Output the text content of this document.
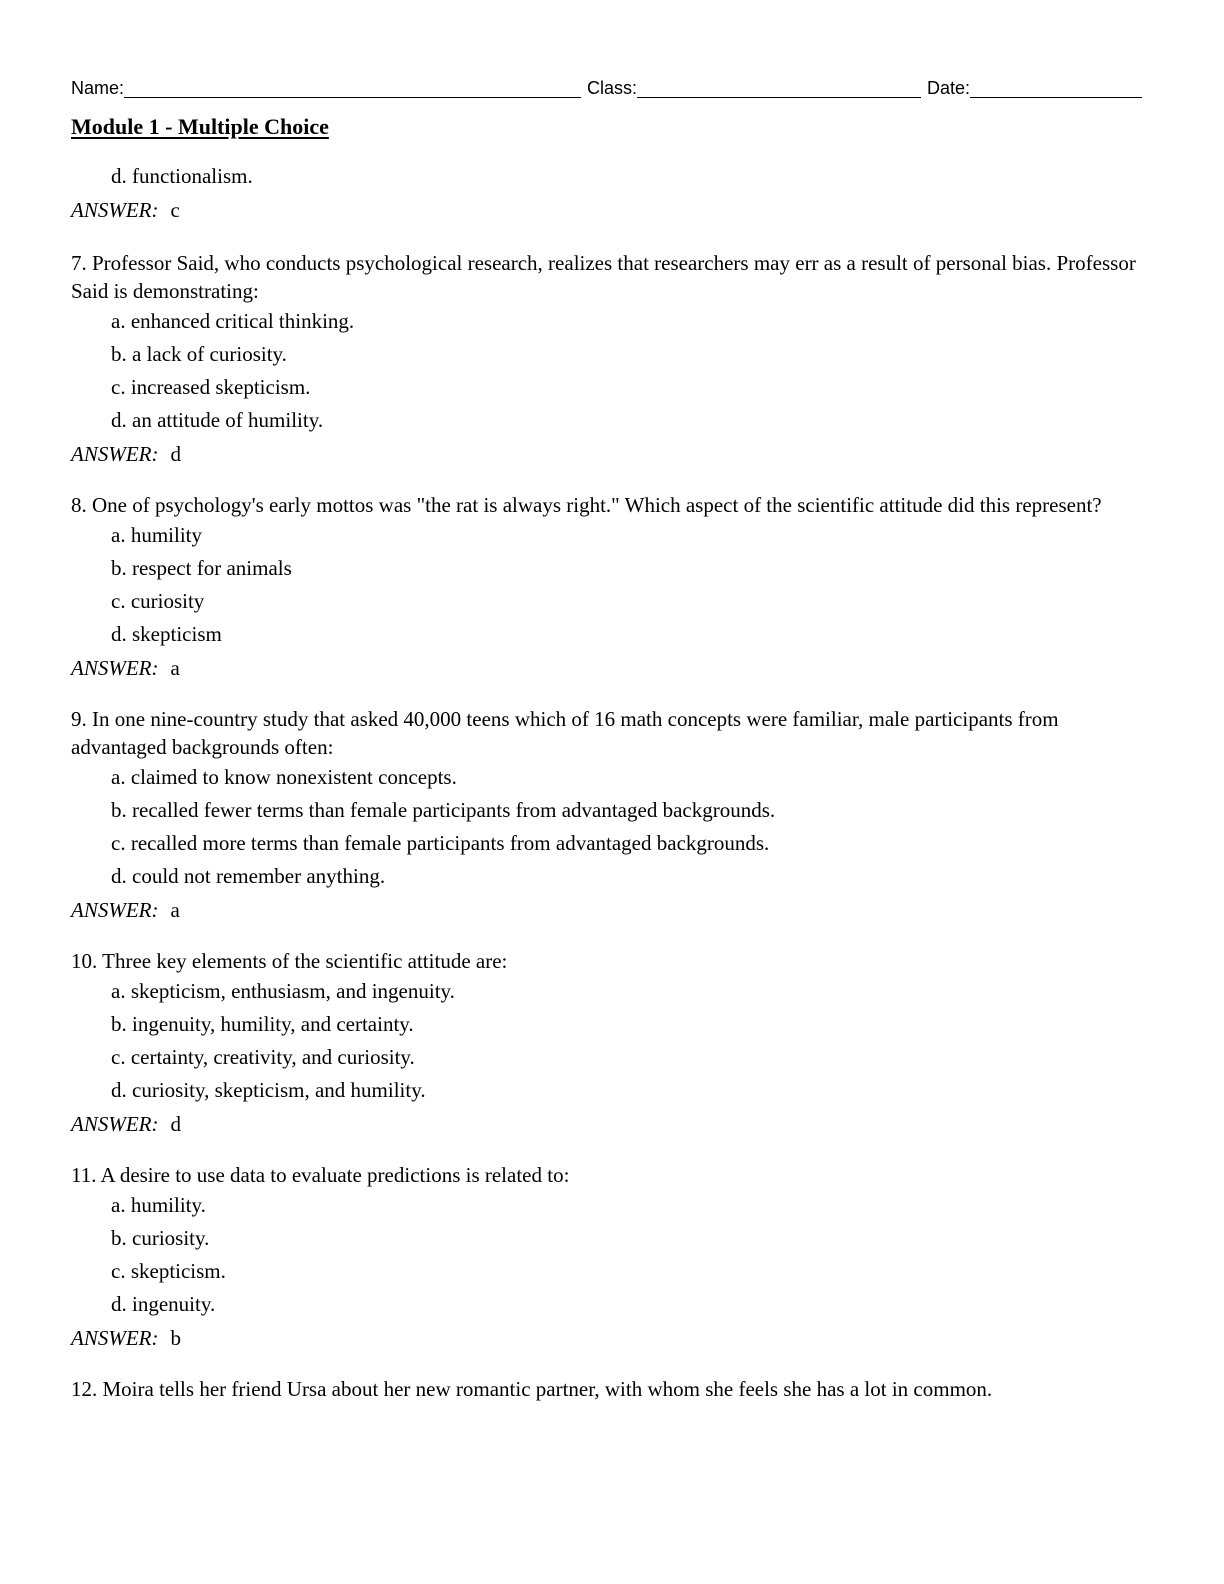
Name:	Class:	Date:
Module 1 - Multiple Choice
d. functionalism.
ANSWER: c
7. Professor Said, who conducts psychological research, realizes that researchers may err as a result of personal bias. Professor Said is demonstrating:
a. enhanced critical thinking.
b. a lack of curiosity.
c. increased skepticism.
d. an attitude of humility.
ANSWER: d
8. One of psychology's early mottos was "the rat is always right." Which aspect of the scientific attitude did this represent?
a. humility
b. respect for animals
c. curiosity
d. skepticism
ANSWER: a
9. In one nine-country study that asked 40,000 teens which of 16 math concepts were familiar, male participants from advantaged backgrounds often:
a. claimed to know nonexistent concepts.
b. recalled fewer terms than female participants from advantaged backgrounds.
c. recalled more terms than female participants from advantaged backgrounds.
d. could not remember anything.
ANSWER: a
10. Three key elements of the scientific attitude are:
a. skepticism, enthusiasm, and ingenuity.
b. ingenuity, humility, and certainty.
c. certainty, creativity, and curiosity.
d. curiosity, skepticism, and humility.
ANSWER: d
11. A desire to use data to evaluate predictions is related to:
a. humility.
b. curiosity.
c. skepticism.
d. ingenuity.
ANSWER: b
12. Moira tells her friend Ursa about her new romantic partner, with whom she feels she has a lot in common.
